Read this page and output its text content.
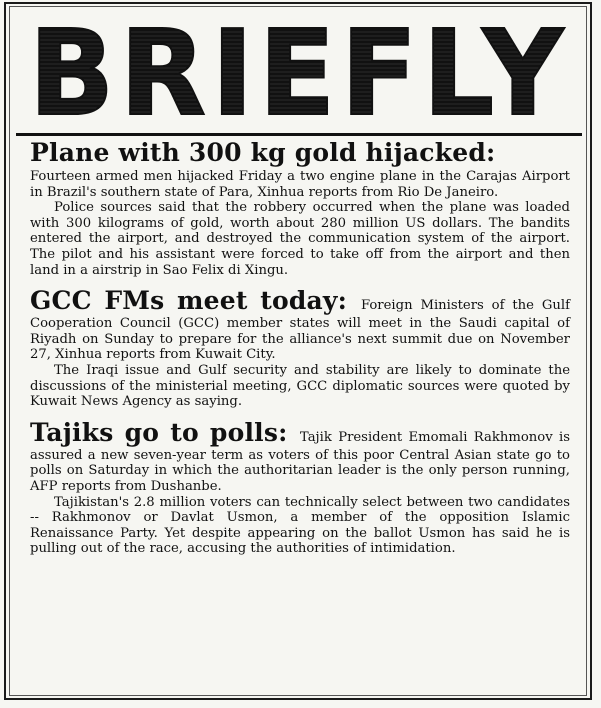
BRIEFLY

Plane with 300 kg gold hijacked:
Fourteen armed men hijacked Friday a two engine plane in the Carajas Airport in Brazil's southern state of Para, Xinhua reports from Rio De Janeiro.

Police sources said that the robbery occurred when the plane was loaded with 300 kilograms of gold, worth about 280 million US dollars. The bandits entered the airport, and destroyed the communication system of the airport. The pilot and his assistant were forced to take off from the airport and then land in a airstrip in Sao Felix di Xingu.

GCC FMs meet today: Foreign Ministers of the Gulf Cooperation Council (GCC) member states will meet in the Saudi capital of Riyadh on Sunday to prepare for the alliance's next summit due on November 27, Xinhua reports from Kuwait City.

The Iraqi issue and Gulf security and stability are likely to dominate the discussions of the ministerial meeting, GCC diplomatic sources were quoted by Kuwait News Agency as saying.

Tajiks go to polls: Tajik President Emomali Rakhmonov is assured a new seven-year term as voters of this poor Central Asian state go to polls on Saturday in which the authoritarian leader is the only person running, AFP reports from Dushanbe.

Tajikistan's 2.8 million voters can technically select between two candidates -- Rakhmonov or Davlat Usmon, a member of the opposition Islamic Renaissance Party. Yet despite appearing on the ballot Usmon has said he is pulling out of the race, accusing the authorities of intimidation.
